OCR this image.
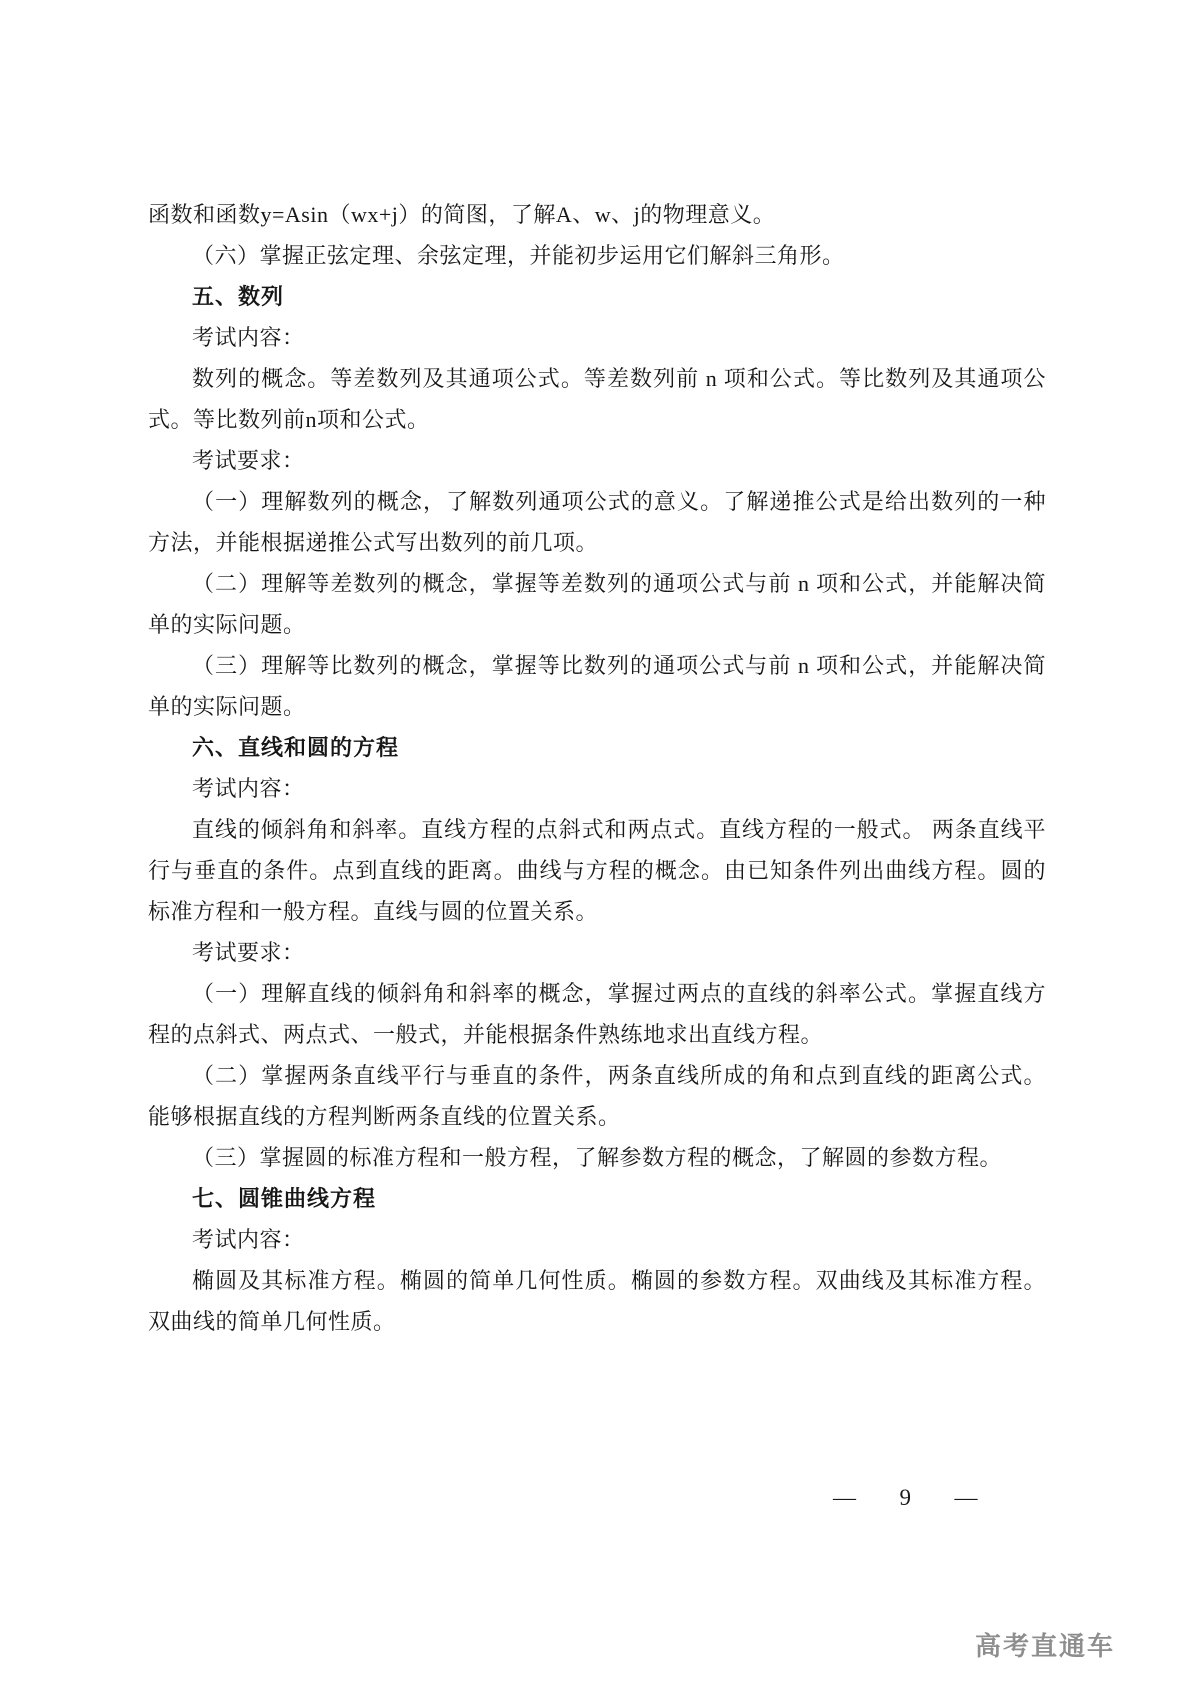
函数和函数y=Asin（wx+j）的简图，了解A、w、j的物理意义。

（六）掌握正弦定理、余弦定理，并能初步运用它们解斜三角形。

五、数列

考试内容：

数列的概念。等差数列及其通项公式。等差数列前 n 项和公式。等比数列及其通项公式。等比数列前n项和公式。

考试要求：

（一）理解数列的概念，了解数列通项公式的意义。了解递推公式是给出数列的一种方法，并能根据递推公式写出数列的前几项。

（二）理解等差数列的概念，掌握等差数列的通项公式与前 n 项和公式，并能解决简单的实际问题。

（三）理解等比数列的概念，掌握等比数列的通项公式与前 n 项和公式，并能解决简单的实际问题。

六、直线和圆的方程

考试内容：

直线的倾斜角和斜率。直线方程的点斜式和两点式。直线方程的一般式。 两条直线平行与垂直的条件。点到直线的距离。曲线与方程的概念。由已知条件列出曲线方程。圆的标准方程和一般方程。直线与圆的位置关系。

考试要求：

（一）理解直线的倾斜角和斜率的概念，掌握过两点的直线的斜率公式。掌握直线方程的点斜式、两点式、一般式，并能根据条件熟练地求出直线方程。

（二）掌握两条直线平行与垂直的条件，两条直线所成的角和点到直线的距离公式。能够根据直线的方程判断两条直线的位置关系。

（三）掌握圆的标准方程和一般方程，了解参数方程的概念，了解圆的参数方程。

七、圆锥曲线方程

考试内容：

椭圆及其标准方程。椭圆的简单几何性质。椭圆的参数方程。双曲线及其标准方程。双曲线的简单几何性质。

—  9  —
高考直通车
